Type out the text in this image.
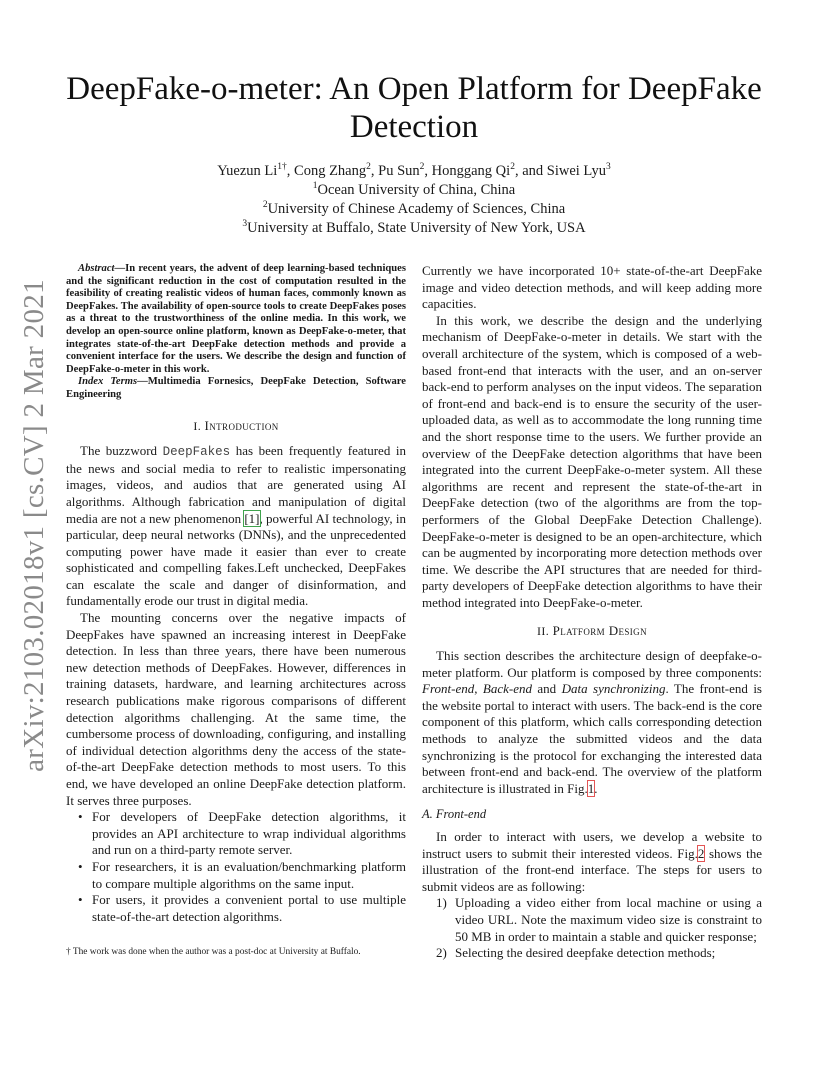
arXiv:2103.02018v1 [cs.CV] 2 Mar 2021
DeepFake-o-meter: An Open Platform for DeepFake
Detection
Yuezun $Li^{1\dagger}$, Cong Zhang$^2$, Pu Sun$^2$, Honggang Qi$^2$, and Siwei Lyu$^3$
$^1$Ocean University of China, China
$^2$University of Chinese Academy of Sciences, China
$^3$University at Buffalo, State University of New York, USA

Abstract—In recent years, the advent of deep learning-based techniques and the significant reduction in the cost of computation resulted in the feasibility of creating realistic videos of human faces, commonly known as DeepFakes. The availability of open-source tools to create DeepFakes poses as a threat to the trustworthiness of the online media. In this work, we develop an open-source online platform, known as DeepFake-o-meter, that integrates state-of-the-art DeepFake detection methods and provide a convenient interface for the users. We describe the design and function of DeepFake-o-meter in this work.

Index Terms—Multimedia Fornesics, DeepFake Detection, Software Engineering

I. Introduction

The buzzword DeepFakes has been frequently featured in the news and social media to refer to realistic impersonating images, videos, and audios that are generated using AI algorithms. Although fabrication and manipulation of digital media are not a new phenomenon [1], powerful AI technology, in particular, deep neural networks (DNNs), and the unprecedented computing power have made it easier than ever to create sophisticated and compelling fakes.Left unchecked, DeepFakes can escalate the scale and danger of disinformation, and fundamentally erode our trust in digital media.

The mounting concerns over the negative impacts of DeepFakes have spawned an increasing interest in DeepFake detection. In less than three years, there have been numerous new detection methods of DeepFakes. However, differences in training datasets, hardware, and learning architectures across research publications make rigorous comparisons of different detection algorithms challenging. At the same time, the cumbersome process of downloading, configuring, and installing of individual detection algorithms deny the access of the state-of-the-art DeepFake detection methods to most users. To this end, we have developed an online DeepFake detection platform. It serves three purposes.

• For developers of DeepFake detection algorithms, it provides an API architecture to wrap individual algorithms and run on a third-party remote server.
• For researchers, it is an evaluation/benchmarking platform to compare multiple algorithms on the same input.
• For users, it provides a convenient portal to use multiple state-of-the-art detection algorithms.
† The work was done when the author was a post-doc at University at Buffalo.

Currently we have incorporated 10+ state-of-the-art DeepFake image and video detection methods, and will keep adding more capacities.

In this work, we describe the design and the underlying mechanism of DeepFake-o-meter in details. We start with the overall architecture of the system, which is composed of a web-based front-end that interacts with the user, and an on-server back-end to perform analyses on the input videos. The separation of front-end and back-end is to ensure the security of the user-uploaded data, as well as to accommodate the long running time and the short response time to the users. We further provide an overview of the DeepFake detection algorithms that have been integrated into the current DeepFake-o-meter system. All these algorithms are recent and represent the state-of-the-art in DeepFake detection (two of the algorithms are from the top-performers of the Global DeepFake Detection Challenge). DeepFake-o-meter is designed to be an open-architecture, which can be augmented by incorporating more detection methods over time. We describe the API structures that are needed for third-party developers of DeepFake detection algorithms to have their method integrated into DeepFake-o-meter.

II. Platform Design

This section describes the architecture design of deepfake-o-meter platform. Our platform is composed by three components: Front-end, Back-end and Data synchronizing. The front-end is the website portal to interact with users. The back-end is the core component of this platform, which calls corresponding detection methods to analyze the submitted videos and the data synchronizing is the protocol for exchanging the interested data between front-end and back-end. The overview of the platform architecture is illustrated in Fig.1.

A. Front-end

In order to interact with users, we develop a website to instruct users to submit their interested videos. Fig.2 shows the illustration of the front-end interface. The steps for users to submit videos are as following:

1) Uploading a video either from local machine or using a video URL. Note the maximum video size is constraint to 50 MB in order to maintain a stable and quicker response;
2) Selecting the desired deepfake detection methods;
